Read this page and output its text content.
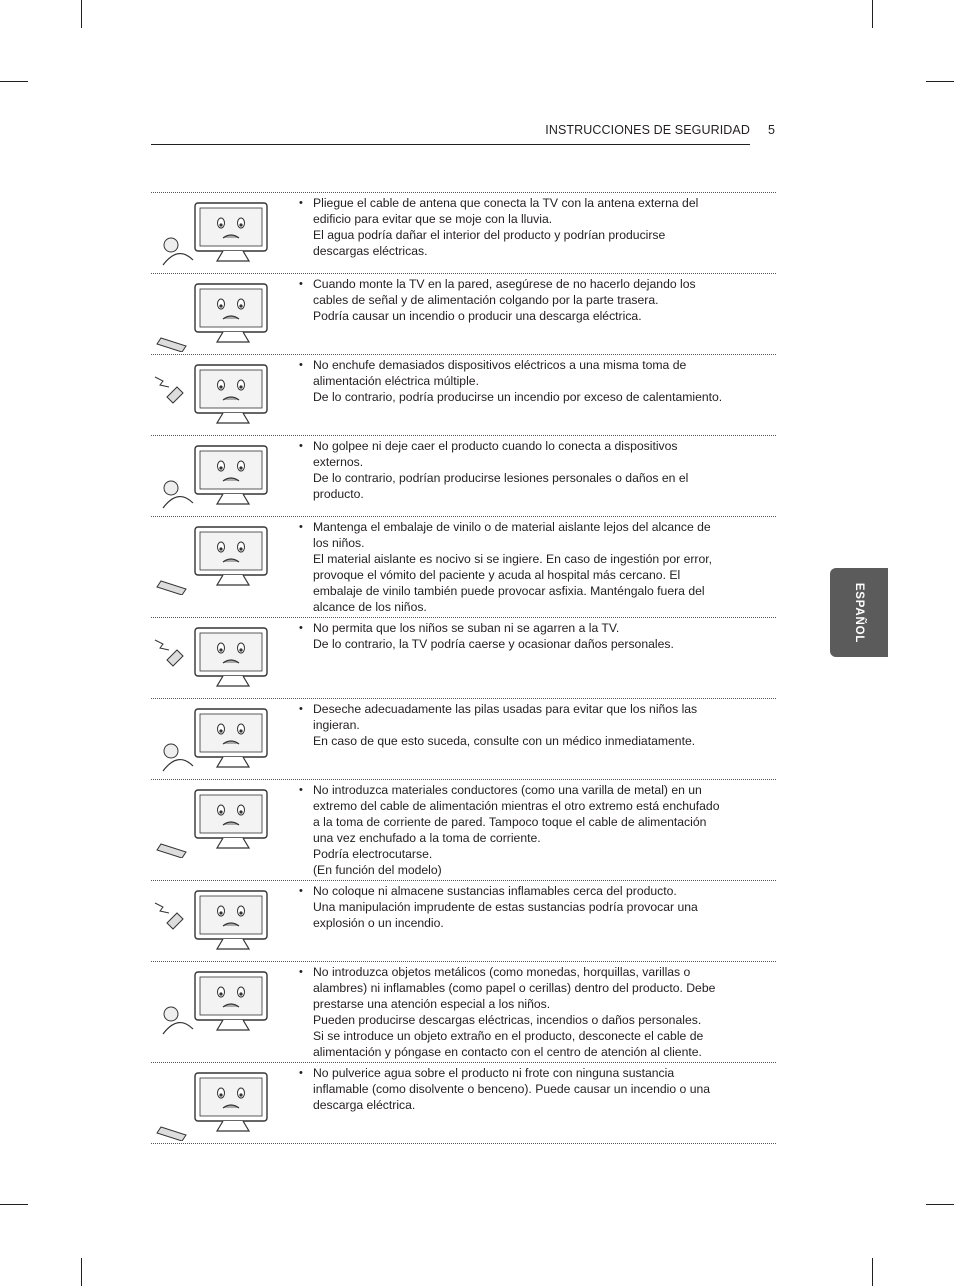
INSTRUCCIONES DE SEGURIDAD 5
ESPAÑOL
• Pliegue el cable de antena que conecta la TV con la antena externa del
edificio para evitar que se moje con la lluvia.
El agua podría dañar el interior del producto y podrían producirse
descargas eléctricas.
• Cuando monte la TV en la pared, asegúrese de no hacerlo dejando los
cables de señal y de alimentación colgando por la parte trasera.
Podría causar un incendio o producir una descarga eléctrica.
• No enchufe demasiados dispositivos eléctricos a una misma toma de
alimentación eléctrica múltiple.
De lo contrario, podría producirse un incendio por exceso de calentamiento.
• No golpee ni deje caer el producto cuando lo conecta a dispositivos
externos.
De lo contrario, podrían producirse lesiones personales o daños en el
producto.
• Mantenga el embalaje de vinilo o de material aislante lejos del alcance de
los niños.
El material aislante es nocivo si se ingiere. En caso de ingestión por error,
provoque el vómito del paciente y acuda al hospital más cercano. El
embalaje de vinilo también puede provocar asfixia. Manténgalo fuera del
alcance de los niños.
• No permita que los niños se suban ni se agarren a la TV.
De lo contrario, la TV podría caerse y ocasionar daños personales.
• Deseche adecuadamente las pilas usadas para evitar que los niños las
ingieran.
En caso de que esto suceda, consulte con un médico inmediatamente.
• No introduzca materiales conductores (como una varilla de metal) en un
extremo del cable de alimentación mientras el otro extremo está enchufado
a la toma de corriente de pared. Tampoco toque el cable de alimentación
una vez enchufado a la toma de corriente.
Podría electrocutarse.
(En función del modelo)
• No coloque ni almacene sustancias inflamables cerca del producto.
Una manipulación imprudente de estas sustancias podría provocar una
explosión o un incendio.
• No introduzca objetos metálicos (como monedas, horquillas, varillas o
alambres) ni inflamables (como papel o cerillas) dentro del producto. Debe
prestarse una atención especial a los niños.
Pueden producirse descargas eléctricas, incendios o daños personales.
Si se introduce un objeto extraño en el producto, desconecte el cable de
alimentación y póngase en contacto con el centro de atención al cliente.
• No pulverice agua sobre el producto ni frote con ninguna sustancia
inflamable (como disolvente o benceno). Puede causar un incendio o una
descarga eléctrica.
